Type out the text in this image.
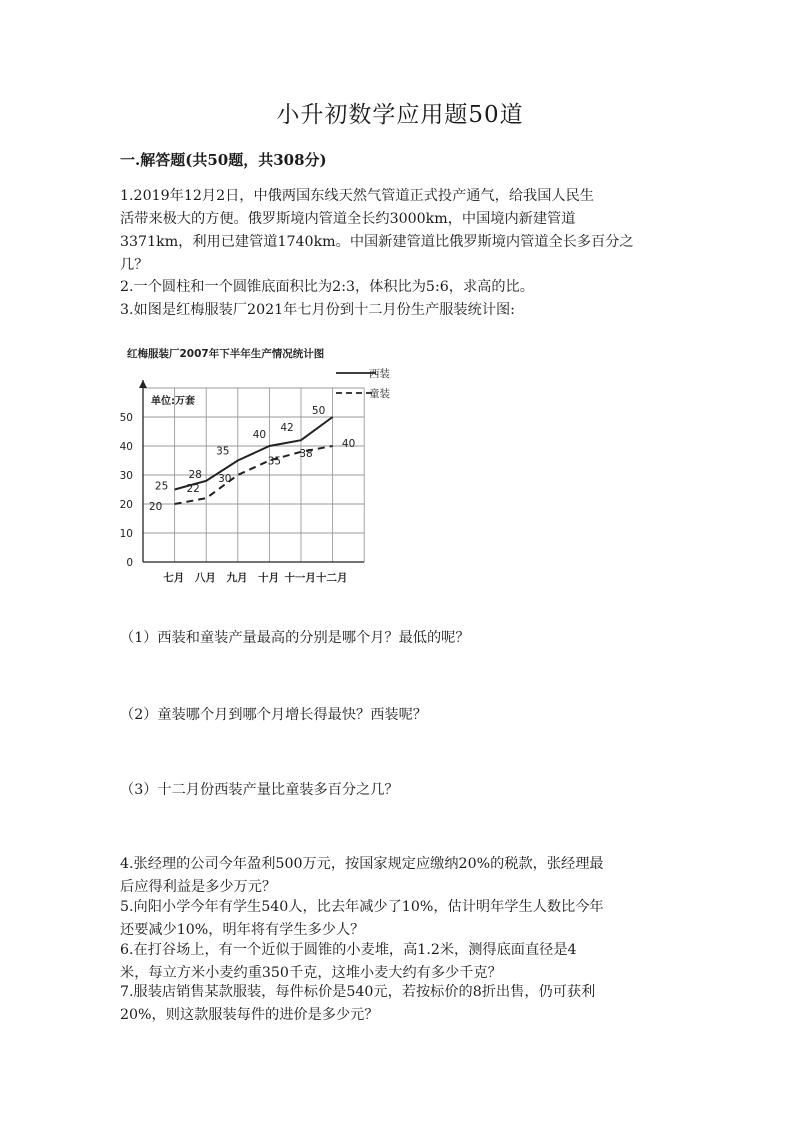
小升初数学应用题50道
一.解答题(共50题，共308分)
1.2019年12月2日，中俄两国东线天然气管道正式投产通气，给我国人民生
活带来极大的方便。俄罗斯境内管道全长约3000km，中国境内新建管道
3371km，利用已建管道1740km。中国新建管道比俄罗斯境内管道全长多百分之
几？
2.一个圆柱和一个圆锥底面积比为2:3，体积比为5:6，求高的比。
3.如图是红梅服装厂2021年七月份到十二月份生产服装统计图:
红梅服装厂2007年下半年生产情况统计图
0
10
20
30
40
50
七月 八月 九月 十月 十一月 十二月
单位:万套
西装
童装
25
28
35
40
42
50
20
22
30
35
38
40
（1）西装和童装产量最高的分别是哪个月？最低的呢？
（2）童装哪个月到哪个月增长得最快？西装呢？
（3）十二月份西装产量比童装多百分之几？
4.张经理的公司今年盈利500万元，按国家规定应缴纳20%的税款，张经理最
后应得利益是多少万元？
5.向阳小学今年有学生540人，比去年减少了10%，估计明年学生人数比今年
还要减少10%，明年将有学生多少人？
6.在打谷场上，有一个近似于圆锥的小麦堆，高1.2米，测得底面直径是4
米，每立方米小麦约重350千克，这堆小麦大约有多少千克？
7.服装店销售某款服装，每件标价是540元，若按标价的8折出售，仍可获利
20%，则这款服装每件的进价是多少元？
